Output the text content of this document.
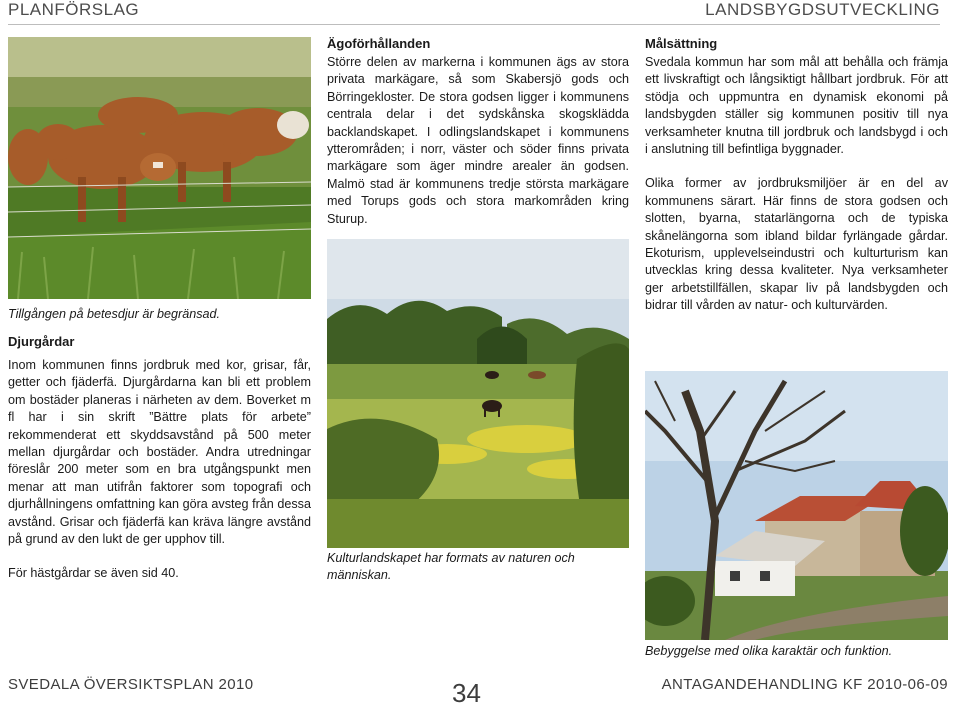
PLANFÖRSLAG	LANDSBYGDSUTVECKLING
Tillgången på betesdjur är begränsad.
Djurgårdar

Inom kommunen finns jordbruk med kor, grisar, får, getter och fjäderfä. Djurgårdarna kan bli ett problem om bostäder planeras i närheten av dem. Boverket m fl har i sin skrift ”Bättre plats för arbete” rekommenderat ett skyddsavstånd på 500 meter mellan djurgårdar och bostäder. Andra utredningar föreslår 200 meter som en bra utgångspunkt men menar att man utifrån faktorer som topografi och djurhållningens omfattning kan göra avsteg från dessa avstånd. Grisar och fjäderfä kan kräva längre avstånd på grund av den lukt de ger upphov till.

För hästgårdar se även sid 40.

Ägoförhållanden

Större delen av markerna i kommunen ägs av stora privata markägare, så som Skabersjö gods och Börringekloster. De stora godsen ligger i kommunens centrala delar i det sydskånska skogsklädda backlandskapet. I odlingslandskapet i kommunens ytterområden; i norr, väster och söder finns privata markägare som äger mindre arealer än godsen. Malmö stad är kommunens tredje största markägare med Torups gods och stora markområden kring Sturup.

Kulturlandskapet har formats av naturen och människan.
Målsättning

Svedala kommun har som mål att behålla och främja ett livskraftigt och långsiktigt hållbart jordbruk. För att stödja och uppmuntra en dynamisk ekonomi på landsbygden ställer sig kommunen positiv till nya verksamheter knutna till jordbruk och landsbygd i och i anslutning till befintliga byggnader.

Olika former av jordbruksmiljöer är en del av kommunens särart. Här finns de stora godsen och slotten, byarna, statarlängorna och de typiska skånelängorna som ibland bildar fyrlängade gårdar. Ekoturism, upplevelseindustri och kulturturism kan utvecklas kring dessa kvaliteter. Nya verksamheter ger arbetstillfällen, skapar liv på landsbygden och bidrar till vården av natur- och kulturvärden.

Bebyggelse med olika karaktär och funktion.
SVEDALA ÖVERSIKTSPLAN 2010	34	ANTAGANDEHANDLING KF 2010-06-09
